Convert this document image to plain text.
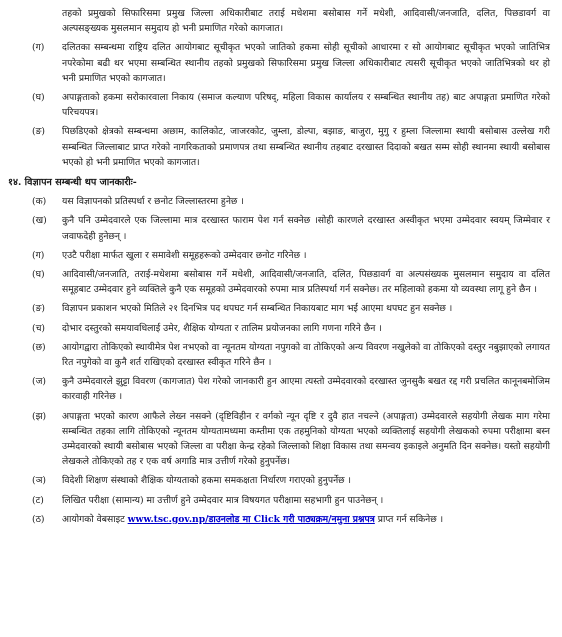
तहको प्रमुखको सिफारिसमा प्रमुख जिल्ला अधिकारीबाट तराई मधेशमा बसोबास गर्ने मधेशी, आदिवासी/जनजाति, दलित, पिछडावर्ग वा अल्पसङ्ख्यक मुसलमान समुदाय हो भनी प्रमाणित गरेको कागजात।
(ग) दलितका सम्बन्धमा राष्ट्रिय दलित आयोगबाट सूचीकृत भएको जातिको हकमा सोही सूचीको आधारमा र सो आयोगबाट सूचीकृत भएको जातिभित्र नपरेकोमा बढी थर भएमा सम्बन्धित स्थानीय तहको प्रमुखको सिफारिसमा प्रमुख जिल्ला अधिकारीबाट त्यसरी सूचीकृत भएको जातिभित्रको थर हो भनी प्रमाणित भएको कागजात।
(घ) अपाङ्गताको हकमा सरोकारवाला निकाय (समाज कल्याण परिषद्, महिला विकास कार्यालय र सम्बन्धित स्थानीय तह) बाट अपाङ्गता प्रमाणित गरेको परिचयपत्र।
(ङ) पिछडिएको क्षेत्रको सम्बन्धमा अछाम, कालिकोट, जाजरकोट, जुम्ला, डोल्पा, बझाङ, बाजुरा, मुगु र हुम्ला जिल्लामा स्थायी बसोबास उल्लेख गरी सम्बन्धित जिल्लाबाट प्राप्त गरेको नागरिकताको प्रमाणपत्र तथा सम्बन्धित स्थानीय तहबाट दरखास्त दिदाको बखत सम्म सोही स्थानमा स्थायी बसोबास भएको हो भनी प्रमाणित भएको कागजात।
१४. विज्ञापन सम्बन्धी थप जानकारीः-
(क) यस विज्ञापनको प्रतिस्पर्धा र छनोट जिल्लास्तरमा हुनेछ ।
(ख) कुनै पनि उम्मेदवारले एक जिल्लामा मात्र दरखास्त फाराम पेश गर्न सक्नेछ ।सोही कारणले दरखास्त अस्वीकृत भएमा उम्मेदवार स्वयम् जिम्मेवार र जवाफदेही हुनेछन् ।
(ग) एउटै परीक्षा मार्फत खुला र समावेशी समूहहरूको उम्मेदवार छनोट गरिनेछ ।
(घ) आदिवासी/जनजाति, तराई-मधेशमा बसोबास गर्ने मधेशी, आदिवासी/जनजाति, दलित, पिछडावर्ग वा अल्पसंख्यक मुसलमान समुदाय वा दलित समूहबाट उम्मेदवार हुने व्यक्तिले कुनै एक समूहको उम्मेदवारको रुपमा मात्र प्रतिस्पर्धा गर्न सक्नेछ। तर महिलाको हकमा यो व्यवस्था लागू हुने छैन ।
(ङ) विज्ञापन प्रकाशन भएको मितिले २१ दिनभित्र पद थपघट गर्न सम्बन्धित निकायबाट माग भई आएमा थपघट हुन सक्नेछ ।
(च) दोभार दस्तुरको समयावधिलाई उमेर, शैक्षिक योग्यता र तालिम प्रयोजनका लागि गणना गरिने छैन ।
(छ) आयोगद्वारा तोकिएको स्थायीमेत्र पेश नभएको वा न्यूनतम योग्यता नपुगको वा तोकिएको अन्य विवरण नखुलेको वा तोकिएको दस्तुर नबुझाएको लगायत रित नपुगेको वा कुनै शर्त राखिएको दरखास्त स्वीकृत गरिने छैन ।
(ज) कुनै उम्मेदवारले झुट्टा विवरण (कागजात) पेश गरेको जानकारी हुन आएमा त्यस्तो उम्मेदवारको दरखास्त जुनसुकै बखत रद्द गरी प्रचलित कानूनबमोजिम कारवाही गरिनेछ ।
(झ) अपाङ्गता भएको कारण आफैले लेख्न नसक्ने (दृष्टिविहीन र वर्गको न्यून दृष्टि र दुवै हात नचल्ने (अपाङ्गता) उम्मेदवारले सहयोगी लेखक माग गरेमा सम्बन्धित तहका लागि तोकिएको न्यूनतम योग्यतामध्यमा कम्तीमा एक तहमुनिको योग्यता भएको व्यक्तिलाई सहयोगी लेखकको रुपमा परीक्षामा बस्न उम्मेदवारको स्थायी बसोबास भएको जिल्ला वा परीक्षा केन्द्र रहेको जिल्लाको शिक्षा विकास तथा समन्वय इकाइले अनुमति दिन सक्नेछ। यस्तो सहयोगी लेखकले तोकिएको तह र एक वर्ष अगाडि मात्र उत्तीर्ण गरेको हुनुपर्नेछ।
(ञ) विदेशी शिक्षण संस्थाको शैक्षिक योग्यताको हकमा समकक्षता निर्धारण गराएको हुनुपर्नेछ ।
(ट) लिखित परीक्षा (सामान्य) मा उत्तीर्ण हुने उम्मेदवार मात्र विषयगत परीक्षामा सहभागी हुन पाउनेछन् ।
(ठ) आयोगको वेबसाइट www.tsc.gov.np/डाउनलोड मा Click गरी पाठ्यक्रम/नमुना प्रश्नपत्र प्राप्त गर्न सकिनेछ ।
